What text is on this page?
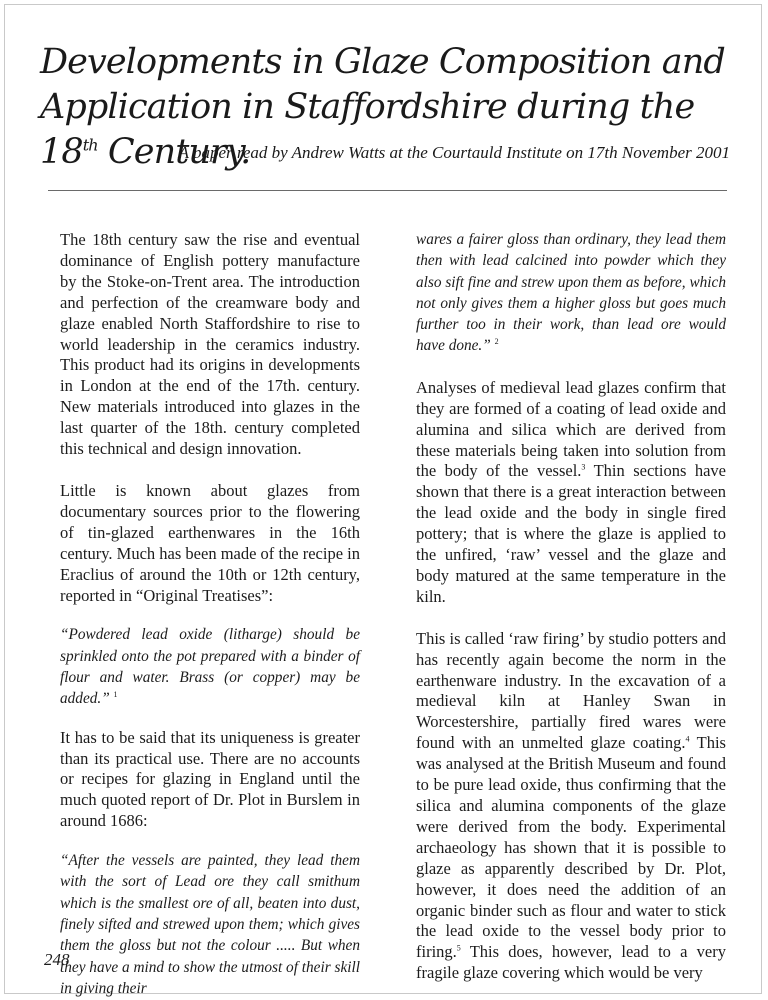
Developments in Glaze Composition and
Application in Staffordshire during the 18th Century.

A paper read by Andrew Watts at the Courtauld Institute on 17th November 2001

The 18th century saw the rise and eventual dominance of English pottery manufacture by the Stoke-on-Trent area. The introduction and perfection of the creamware body and glaze enabled North Staffordshire to rise to world leadership in the ceramics industry. This product had its origins in developments in London at the end of the 17th. century. New materials introduced into glazes in the last quarter of the 18th. century completed this technical and design innovation.

Little is known about glazes from documentary sources prior to the flowering of tin-glazed earthenwares in the 16th century. Much has been made of the recipe in Eraclius of around the 10th or 12th century, reported in “Original Treatises”:

“Powdered lead oxide (litharge) should be sprinkled onto the pot prepared with a binder of flour and water. Brass (or copper) may be added.” $^1$

It has to be said that its uniqueness is greater than its practical use. There are no accounts or recipes for glazing in England until the much quoted report of Dr. Plot in Burslem in around 1686:

“After the vessels are painted, they lead them with the sort of Lead ore they call smithum which is the smallest ore of all, beaten into dust, finely sifted and strewed upon them; which gives them the gloss but not the colour ..... But when they have a mind to show the utmost of their skill in giving their

wares a fairer gloss than ordinary, they lead them then with lead calcined into powder which they also sift fine and strew upon them as before, which not only gives them a higher gloss but goes much further too in their work, than lead ore would have done.” $^2$

Analyses of medieval lead glazes confirm that they are formed of a coating of lead oxide and alumina and silica which are derived from these materials being taken into solution from the body of the vessel.$^3$ Thin sections have shown that there is a great interaction between the lead oxide and the body in single fired pottery; that is where the glaze is applied to the unfired, ‘raw’ vessel and the glaze and body matured at the same temperature in the kiln.

This is called ‘raw firing’ by studio potters and has recently again become the norm in the earthenware industry. In the excavation of a medieval kiln at Hanley Swan in Worcestershire, partially fired wares were found with an unmelted glaze coating.$^4$ This was analysed at the British Museum and found to be pure lead oxide, thus confirming that the silica and alumina components of the glaze were derived from the body. Experimental archaeology has shown that it is possible to glaze as apparently described by Dr. Plot, however, it does need the addition of an organic binder such as flour and water to stick the lead oxide to the vessel body prior to firing.$^5$ This does, however, lead to a very fragile glaze covering which would be very

248
